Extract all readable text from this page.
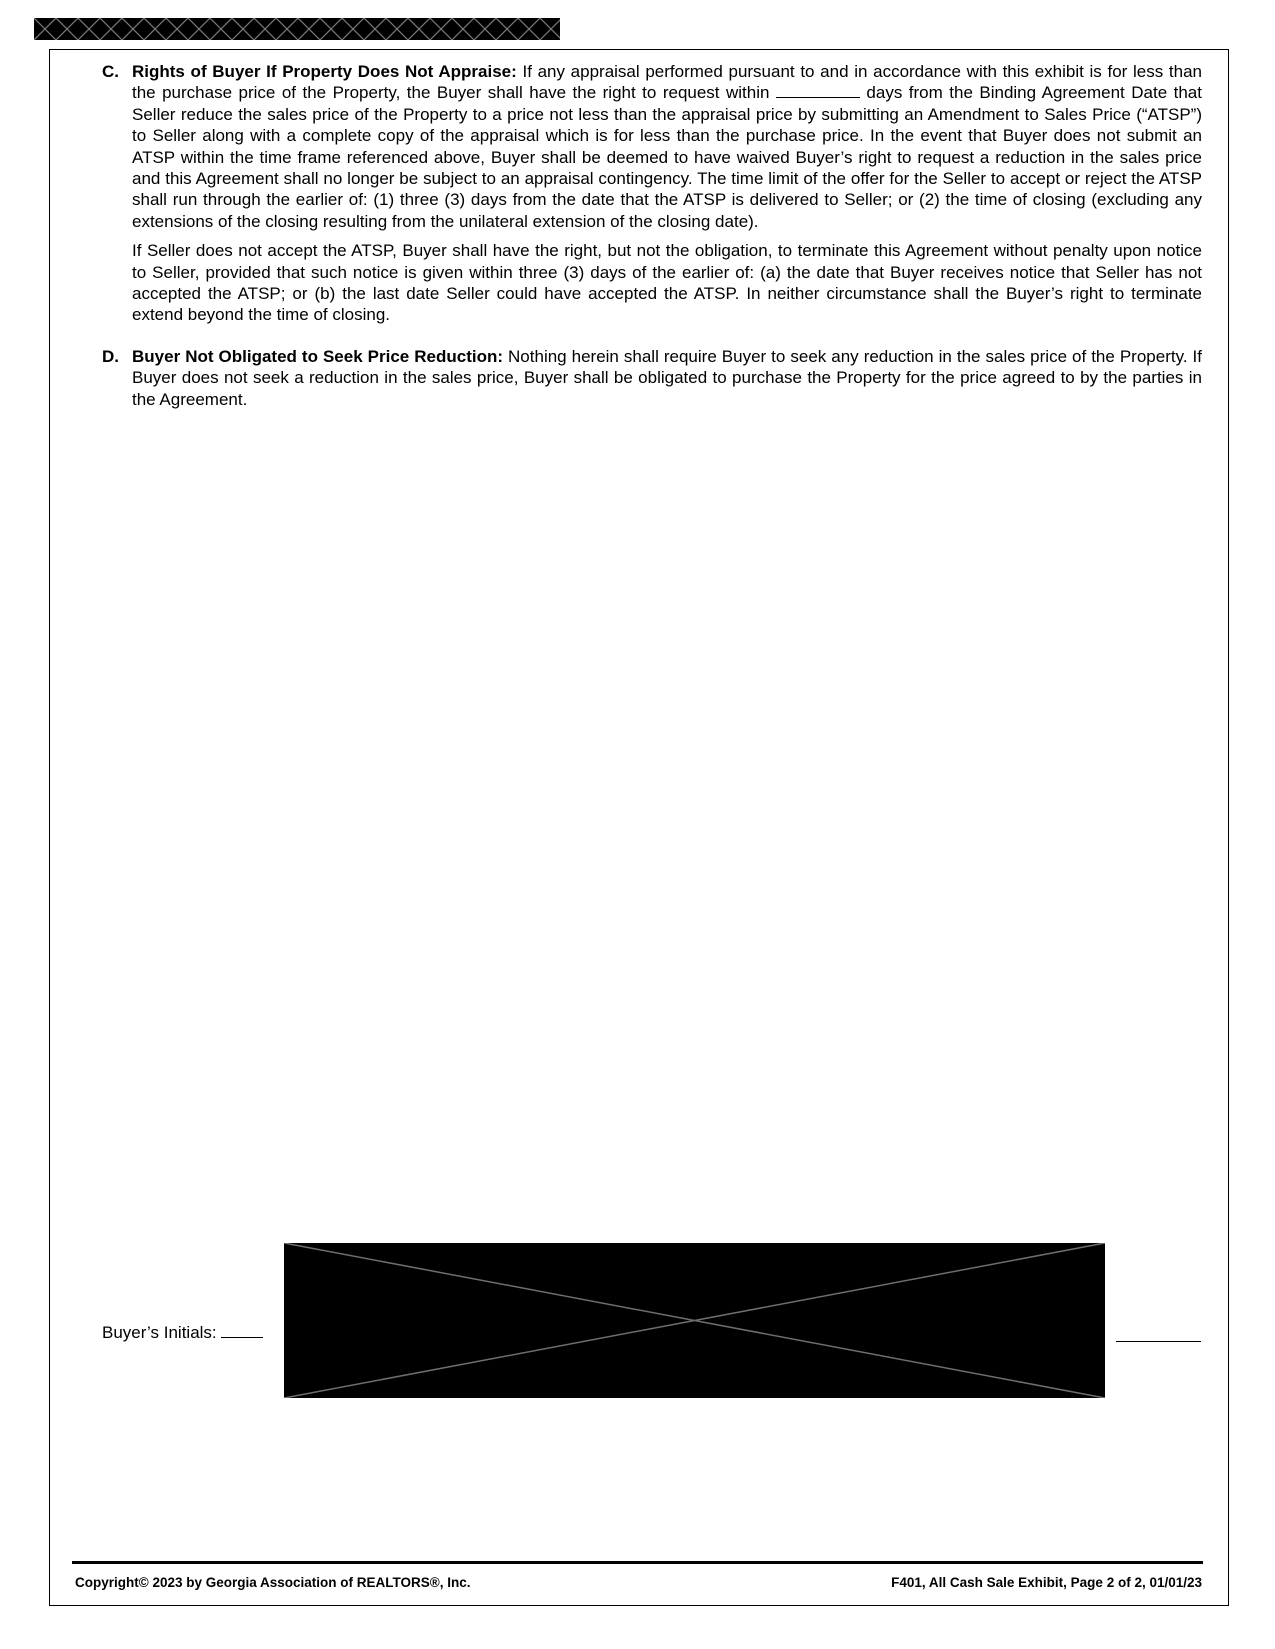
C. Rights of Buyer If Property Does Not Appraise: If any appraisal performed pursuant to and in accordance with this exhibit is for less than the purchase price of the Property, the Buyer shall have the right to request within	days from the Binding Agreement Date that Seller reduce the sales price of the Property to a price not less than the appraisal price by submitting an Amendment to Sales Price (“ATSP”) to Seller along with a complete copy of the appraisal which is for less than the purchase price. In the event that Buyer does not submit an ATSP within the time frame referenced above, Buyer shall be deemed to have waived Buyer’s right to request a reduction in the sales price and this Agreement shall no longer be subject to an appraisal contingency. The time limit of the offer for the Seller to accept or reject the ATSP shall run through the earlier of: (1) three (3) days from the date that the ATSP is delivered to Seller; or (2) the time of closing (excluding any extensions of the closing resulting from the unilateral extension of the closing date).
If Seller does not accept the ATSP, Buyer shall have the right, but not the obligation, to terminate this Agreement without penalty upon notice to Seller, provided that such notice is given within three (3) days of the earlier of: (a) the date that Buyer receives notice that Seller has not accepted the ATSP; or (b) the last date Seller could have accepted the ATSP. In neither circumstance shall the Buyer’s right to terminate extend beyond the time of closing.
D. Buyer Not Obligated to Seek Price Reduction: Nothing herein shall require Buyer to seek any reduction in the sales price of the Property. If Buyer does not seek a reduction in the sales price, Buyer shall be obligated to purchase the Property for the price agreed to by the parties in the Agreement.
Buyer’s Initials:
Copyright© 2023 by Georgia Association of REALTORS®, Inc.	F401, All Cash Sale Exhibit, Page 2 of 2, 01/01/23
